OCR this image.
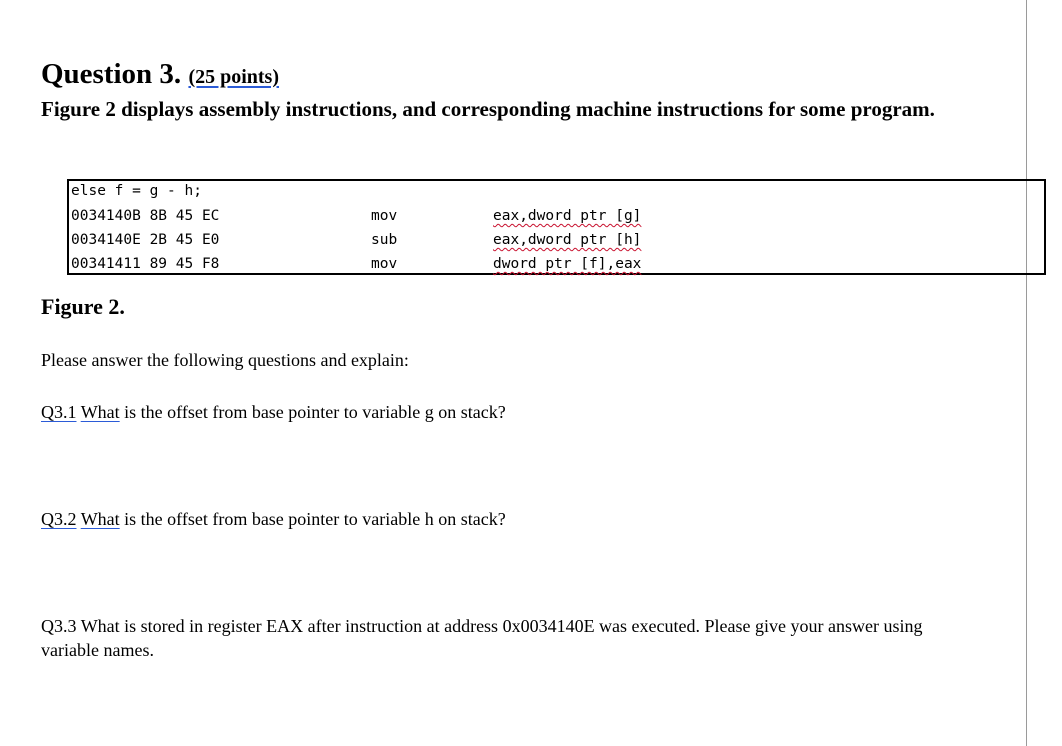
Question 3. (25 points)
Figure 2 displays assembly instructions, and corresponding machine instructions for some program.
else f = g - h;
0034140B 8B 45 EC	mov	eax,dword ptr [g]
0034140E 2B 45 E0	sub	eax,dword ptr [h]
00341411 89 45 F8	mov	dword ptr [f],eax
Figure 2.
Please answer the following questions and explain:
Q3.1 What is the offset from base pointer to variable g on stack?
Q3.2 What is the offset from base pointer to variable h on stack?
Q3.3 What is stored in register EAX after instruction at address 0x0034140E was executed. Please give your answer using variable names.
